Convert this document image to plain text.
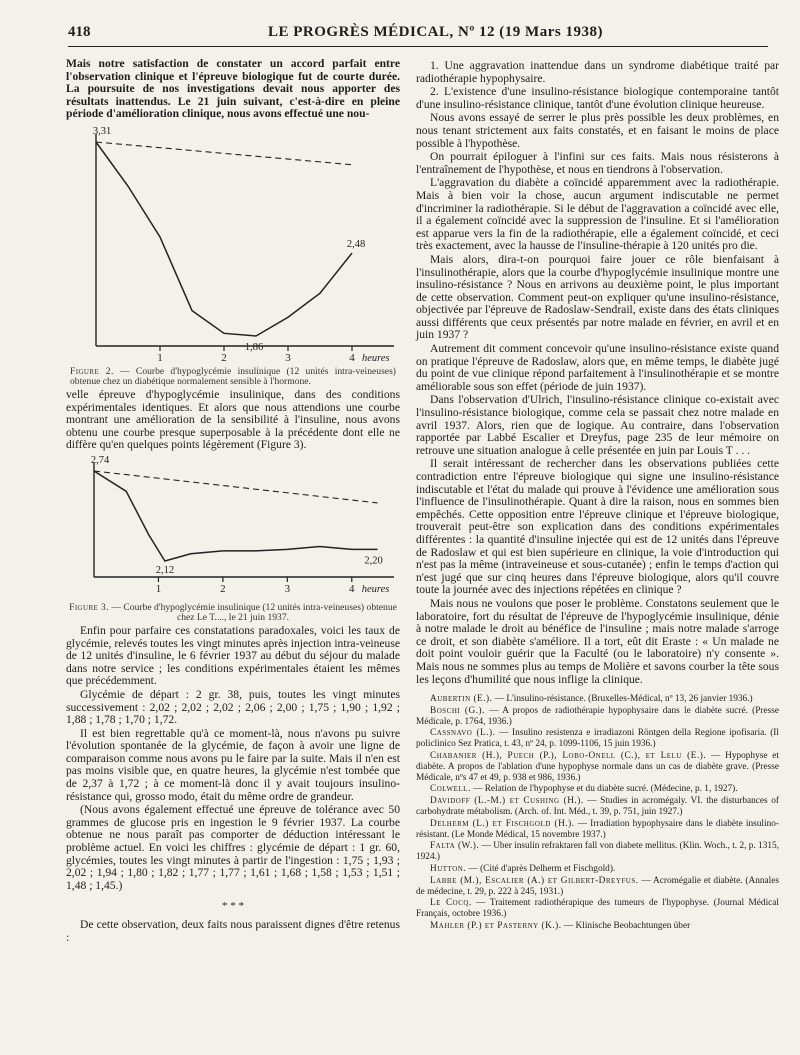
418	LE PROGRÈS MÉDICAL, Nº 12 (19 Mars 1938)

Mais notre satisfaction de constater un accord parfait entre l'observation clinique et l'épreuve biologique fut de courte durée. La poursuite de nos investigations devait nous apporter des résultats inattendus. Le 21 juin suivant, c'est-à-dire en pleine période d'amélioration clinique, nous avons effectué une nou-

1	2	3	4 heures
3,31
1,86
2,48

Figure 2. — Courbe d'hypoglycémie insulinique (12 unités intra-veineuses) obtenue chez un diabétique normalement sensible à l'hormone.

velle épreuve d'hypoglycémie insulinique, dans des conditions expérimentales identiques. Et alors que nous attendions une courbe montrant une amélioration de la sensibilité à l'insuline, nous avons obtenu une courbe presque superposable à la précédente dont elle ne diffère qu'en quelques points légèrement (Figure 3).

1	2	3	4 heures
2,74
2,12
2,20

Figure 3. — Courbe d'hypoglycémie insulinique (12 unités intra-veineuses) obtenue chez Le T...., le 21 juin 1937.

Enfin pour parfaire ces constatations paradoxales, voici les taux de glycémie, relevés toutes les vingt minutes après injection intra-veineuse de 12 unités d'insuline, le 6 février 1937 au début du séjour du malade dans notre service ; les conditions expérimentales étaient les mêmes que précédemment.

Glycémie de départ : 2 gr. 38, puis, toutes les vingt minutes successivement : 2,02 ; 2,02 ; 2,02 ; 2,06 ; 2,00 ; 1,75 ; 1,90 ; 1,92 ; 1,88 ; 1,78 ; 1,70 ; 1,72.

Il est bien regrettable qu'à ce moment-là, nous n'avons pu suivre l'évolution spontanée de la glycémie, de façon à avoir une ligne de comparaison comme nous avons pu le faire par la suite. Mais il n'en est pas moins visible que, en quatre heures, la glycémie n'est tombée que de 2,37 à 1,72 ; à ce moment-là donc il y avait toujours insulino-résistance qui, grosso modo, était du même ordre de grandeur.

(Nous avons également effectué une épreuve de tolérance avec 50 grammes de glucose pris en ingestion le 9 février 1937. La courbe obtenue ne nous paraît pas comporter de déduction intéressant le problème actuel. En voici les chiffres : glycémie de départ : 1 gr. 60, glycémies, toutes les vingt minutes à partir de l'ingestion : 1,75 ; 1,93 ; 2,02 ; 1,94 ; 1,80 ; 1,82 ; 1,77 ; 1,77 ; 1,61 ; 1,68 ; 1,58 ; 1,53 ; 1,51 ; 1,48 ; 1,45.)

* * *

De cette observation, deux faits nous paraissent dignes d'être retenus :

1. Une aggravation inattendue dans un syndrome diabétique traité par radiothérapie hypophysaire.

2. L'existence d'une insulino-résistance biologique contemporaine tantôt d'une insulino-résistance clinique, tantôt d'une évolution clinique heureuse.

Nous avons essayé de serrer le plus près possible les deux problèmes, en nous tenant strictement aux faits constatés, et en faisant le moins de place possible à l'hypothèse.

On pourrait épiloguer à l'infini sur ces faits. Mais nous résisterons à l'entraînement de l'hypothèse, et nous en tiendrons à l'observation.

L'aggravation du diabète a coïncidé apparemment avec la radiothérapie. Mais à bien voir la chose, aucun argument indiscutable ne permet d'incriminer la radiothérapie. Si le début de l'aggravation a coïncidé avec elle, il a également coïncidé avec la suppression de l'insuline. Et si l'amélioration est apparue vers la fin de la radiothérapie, elle a également coïncidé, et ceci très exactement, avec la hausse de l'insuline-thérapie à 120 unités pro die.

Mais alors, dira-t-on pourquoi faire jouer ce rôle bienfaisant à l'insulinothérapie, alors que la courbe d'hypoglycémie insulinique montre une insulino-résistance ? Nous en arrivons au deuxième point, le plus important de cette observation. Comment peut-on expliquer qu'une insulino-résistance, objectivée par l'épreuve de Radoslaw-Sendrail, existe dans des états cliniques aussi différents que ceux présentés par notre malade en février, en avril et en juin 1937 ?

Autrement dit comment concevoir qu'une insulino-résistance existe quand on pratique l'épreuve de Radoslaw, alors que, en même temps, le diabète jugé du point de vue clinique répond parfaitement à l'insulinothérapie et se montre améliorable sous son effet (période de juin 1937).

Dans l'observation d'Ulrich, l'insulino-résistance clinique co-existait avec l'insulino-résistance biologique, comme cela se passait chez notre malade en avril 1937. Alors, rien que de logique. Au contraire, dans l'observation rapportée par Labbé Escalier et Dreyfus, page 235 de leur mémoire on retrouve une situation analogue à celle présentée en juin par Louis T . . .

Il serait intéressant de rechercher dans les observations publiées cette contradiction entre l'épreuve biologique qui signe une insulino-résistance indiscutable et l'état du malade qui prouve à l'évidence une amélioration sous l'influence de l'insulinothérapie. Quant à dire la raison, nous en sommes bien empêchés. Cette opposition entre l'épreuve clinique et l'épreuve biologique, trouverait peut-être son explication dans des conditions expérimentales différentes : la quantité d'insuline injectée qui est de 12 unités dans l'épreuve de Radoslaw et qui est bien supérieure en clinique, la voie d'introduction qui n'est pas la même (intraveineuse et sous-cutanée) ; enfin le temps d'action qui n'est jugé que sur cinq heures dans l'épreuve biologique, alors qu'il couvre toute la journée avec des injections répétées en clinique ?

Mais nous ne voulons que poser le problème. Constatons seulement que le laboratoire, fort du résultat de l'épreuve de l'hypoglycémie insulinique, dénie à notre malade le droit au bénéfice de l'insuline ; mais notre malade s'arroge ce droit, et son diabète s'améliore. Il a tort, eût dit Eraste : « Un malade ne doit point vouloir guérir que la Faculté (ou le laboratoire) n'y consente ». Mais nous ne sommes plus au temps de Molière et savons courber la tête sous les leçons d'humilité que nous inflige la clinique.

Aubertin (E.). — L'insulino-résistance. (Bruxelles-Médical, nº 13, 26 janvier 1936.)

Boschi (G.). — A propos de radiothérapie hypophysaire dans le diabète sucré. (Presse Médicale, p. 1764, 1936.)

Cassnavo (L.). — Insulino resistenza e irradiazoni Röntgen della Regione ipofisaria. (Il policlinico Sez Pratica, t. 43, nº 24, p. 1099-1106, 15 juin 1936.)

Chabanier (H.), Puech (P.), Lobo-Onell (C.), et Lelu (E.). — Hypophyse et diabète. A propos de l'ablation d'une hypophyse normale dans un cas de diabète grave. (Presse Médicale, nºs 47 et 49, p. 938 et 986, 1936.)

Colwell. — Relation de l'hypophyse et du diabète sucré. (Médecine, p. 1, 1927).

Davidoff (L.-M.) et Cushing (H.). — Studies in acromégaly. VI. the disturbances of carbohydrate métabolism. (Arch. of. Int. Méd., t. 39, p. 751, juin 1927.)

Delherm (L.) et Fischgold (H.). — Irradiation hypophysaire dans le diabète insulino-résistant. (Le Monde Médical, 15 novembre 1937.)

Falta (W.). — Uber insulin refraktaren fall von diabete mellitus. (Klin. Woch., t. 2, p. 1315, 1924.)

Hutton. — (Cité d'après Delherm et Fischgold).

Labbe (M.), Escalier (A.) et Gilbert-Dreyfus. — Acromégalie et diabète. (Annales de médecine, t. 29, p. 222 à 245, 1931.)

Le Cocq. — Traitement radiothérapique des tumeurs de l'hypophyse. (Journal Médical Français, octobre 1936.)

Mahler (P.) et Pasterny (K.). — Klinische Beobachtungen über
